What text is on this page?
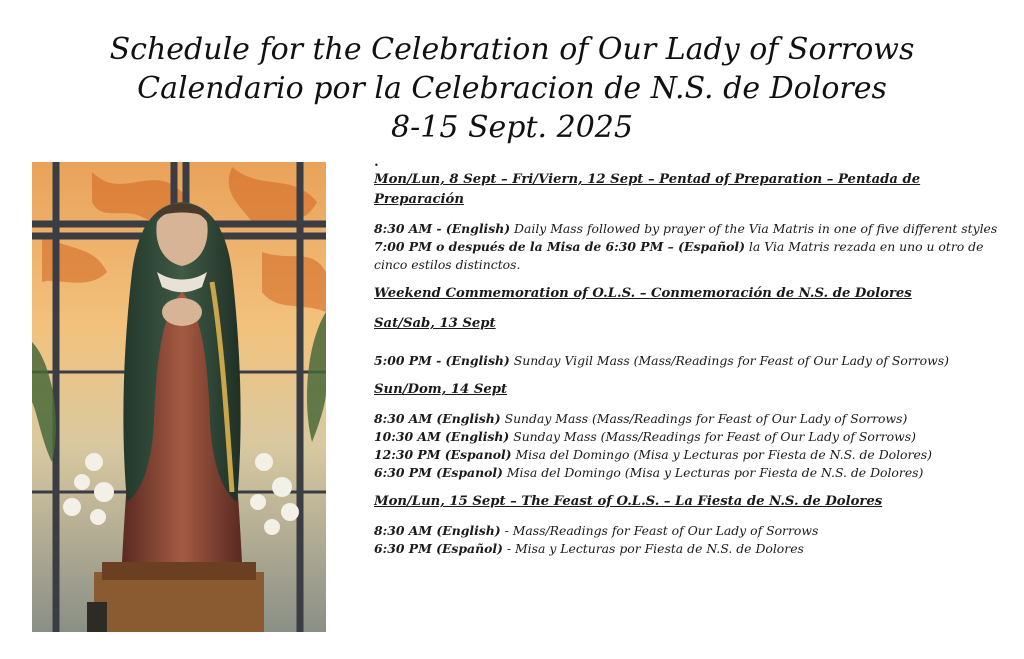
Schedule for the Celebration of Our Lady of Sorrows
Calendario por la Celebracion de N.S. de Dolores
8-15 Sept. 2025
•
Mon/Lun, 8 Sept – Fri/Viern, 12 Sept – Pentad of Preparation – Pentada de Preparación
8:30 AM - (English) Daily Mass followed by prayer of the Via Matris in one of five different styles
7:00 PM o después de la Misa de 6:30 PM – (Español) la Via Matris rezada en uno u otro de cinco estilos distinctos.
Weekend Commemoration of O.L.S. – Conmemoración de N.S. de Dolores
Sat/Sab, 13 Sept
5:00 PM - (English) Sunday Vigil Mass (Mass/Readings for Feast of Our Lady of Sorrows)
Sun/Dom, 14 Sept
8:30 AM (English) Sunday Mass (Mass/Readings for Feast of Our Lady of Sorrows)
10:30 AM (English) Sunday Mass (Mass/Readings for Feast of Our Lady of Sorrows)
12:30 PM (Espanol) Misa del Domingo (Misa y Lecturas por Fiesta de N.S. de Dolores)
6:30 PM (Espanol) Misa del Domingo (Misa y Lecturas por Fiesta de N.S. de Dolores)
Mon/Lun, 15 Sept – The Feast of O.L.S. – La Fiesta de N.S. de Dolores
8:30 AM (English) - Mass/Readings for Feast of Our Lady of Sorrows
6:30 PM (Español) - Misa y Lecturas por Fiesta de N.S. de Dolores
